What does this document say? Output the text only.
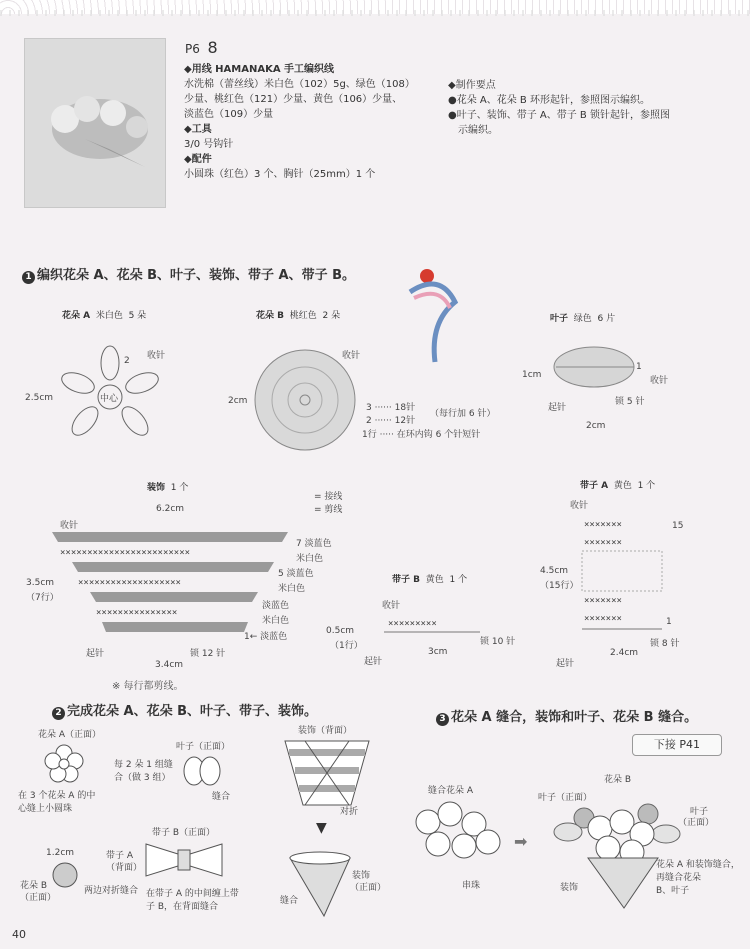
P6 8
◆用线 HAMANAKA 手工编织线
水洗棉（蕾丝线）米白色（102）5g、绿色（108）
少量、桃红色（121）少量、黄色（106）少量、
淡蓝色（109）少量
◆工具
3/0 号钩针
◆配件
小圆珠（红色）3 个、胸针（25mm）1 个
◆制作要点
●花朵 A、花朵 B 环形起针，参照图示编织。
●叶子、装饰、带子 A、带子 B 锁针起针，参照图
示编织。
1 编织花朵 A、花朵 B、叶子、装饰、带子 A、带子 B。
花朵 A 米白色 5 朵
中心
2 收针
2.5cm
花朵 B 桃红色 2 朵
收针
2cm
3 ······ 18针
2 ······ 12针
1行 ····· 在环内钩 6 个针短针
（每行加 6 针）
叶子 绿色 6 片
1cm
2cm
起针
收针
锁 5 针
1
装饰 1 个
= 接线
= 剪线
6.2cm
收针
××××××××××××××××××××××××
×××××××××××××××××××
×××××××××××××××
7 淡蓝色
米白色
5 淡蓝色
米白色
淡蓝色
米白色
1← 淡蓝色
3.5cm
（7行）
起针	锁 12 针
3.4cm
※ 每行都剪线。
带子 B 黄色 1 个
收针
×××××××××
0.5cm
（1行）	锁 10 针
3cm
起针
带子 A 黄色 1 个
收针
×××××××
×××××××
×××××××
×××××××
15
1
4.5cm
（15行）
锁 8 针
2.4cm
起针
2 完成花朵 A、花朵 B、叶子、带子、装饰。
花朵 A（正面）
在 3 个花朵 A 的中
心缝上小圆珠
叶子（正面）
每 2 朵 1 组缝
合（做 3 组）
缝合
装饰（背面）
对折
▼
装饰
（正面）
缝合
带子 B（正面）
带子 A
（背面）
在带子 A 的中间缠上带
子 B，在背面缝合
1.2cm
花朵 B
（正面）
两边对折缝合
3 花朵 A 缝合，装饰和叶子、花朵 B 缝合。
下接 P41
缝合花朵 A
串珠
➡
花朵 B
叶子（正面）
叶子
（正面）
装饰
花朵 A 和装饰缝合，
再缝合花朵
B、叶子
40
